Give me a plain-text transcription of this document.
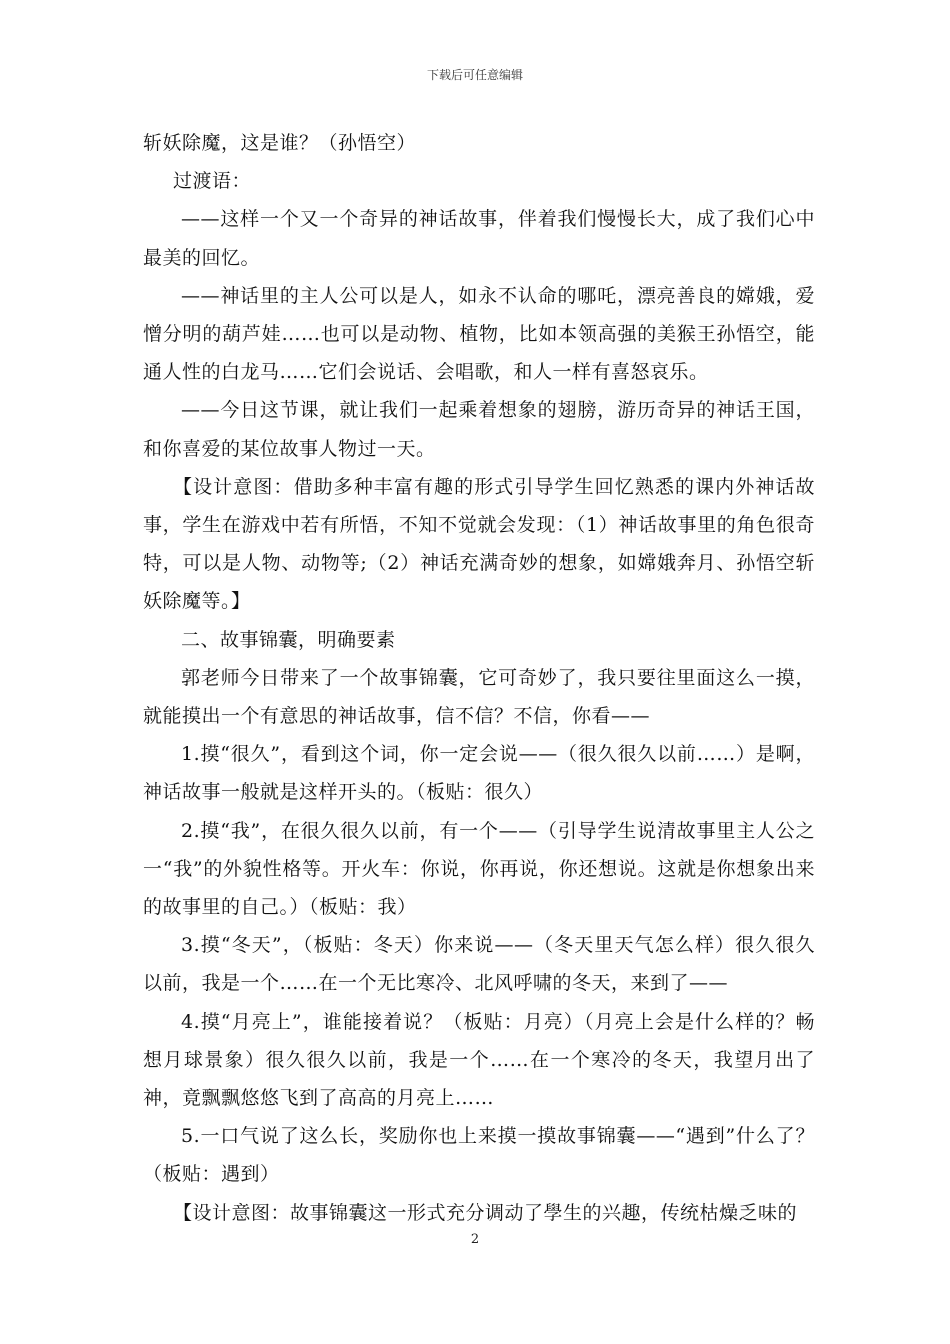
下载后可任意编辑

斩妖除魔，这是谁？（孙悟空）

过渡语：

——这样一个又一个奇异的神话故事，伴着我们慢慢长大，成了我们心中最美的回忆。

——神话里的主人公可以是人，如永不认命的哪吒，漂亮善良的嫦娥，爱憎分明的葫芦娃……也可以是动物、植物，比如本领高强的美猴王孙悟空，能通人性的白龙马……它们会说话、会唱歌，和人一样有喜怒哀乐。

——今日这节课，就让我们一起乘着想象的翅膀，游历奇异的神话王国，和你喜爱的某位故事人物过一天。

【设计意图：借助多种丰富有趣的形式引导学生回忆熟悉的课内外神话故事，学生在游戏中若有所悟，不知不觉就会发现：（1）神话故事里的角色很奇特，可以是人物、动物等;（2）神话充满奇妙的想象，如嫦娥奔月、孙悟空斩妖除魔等。】

二、故事锦囊，明确要素

郭老师今日带来了一个故事锦囊，它可奇妙了，我只要往里面这么一摸，就能摸出一个有意思的神话故事，信不信？不信，你看——

1.摸“很久”，看到这个词，你一定会说——（很久很久以前……）是啊，神话故事一般就是这样开头的。（板贴：很久）

2.摸“我”，在很久很久以前，有一个——（引导学生说清故事里主人公之一“我”的外貌性格等。开火车：你说，你再说，你还想说。这就是你想象出来的故事里的自己。）（板贴：我）

3.摸“冬天”，（板贴：冬天）你来说——（冬天里天气怎么样）很久很久以前，我是一个……在一个无比寒冷、北风呼啸的冬天，来到了——

4.摸“月亮上”，谁能接着说？（板贴：月亮）（月亮上会是什么样的？畅想月球景象）很久很久以前，我是一个……在一个寒冷的冬天，我望月出了神，竟飘飘悠悠飞到了高高的月亮上……

5.一口气说了这么长，奖励你也上来摸一摸故事锦囊——“遇到”什么了？（板贴：遇到）

【设计意图：故事锦囊这一形式充分调动了學生的兴趣，传统枯燥乏味的

2
